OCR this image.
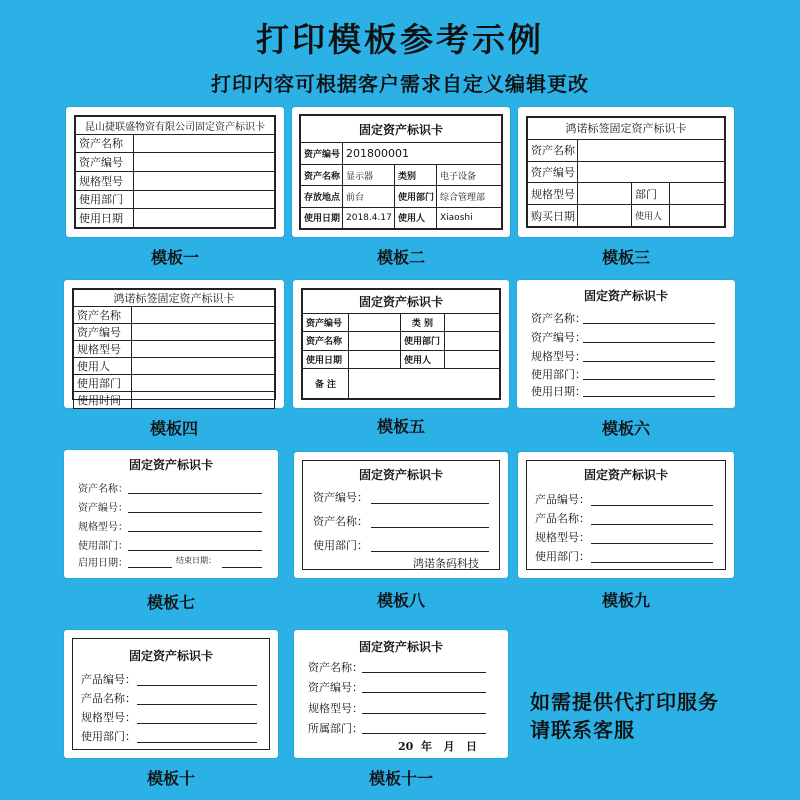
打印模板参考示例
打印内容可根据客户需求自定义编辑更改
昆山捷联盛物资有限公司固定资产标识卡	
资产名称	
资产编号	
规格型号	
使用部门	
使用日期	
模板一
固定资产标识卡			
资产编号	201800001		
资产名称	显示器	类别	电子设备
存放地点	前台	使用部门	综合管理部
使用日期	2018.4.17	使用人	Xiaoshi
模板二
鸿诺标签固定资产标识卡			
资产名称			
资产编号			
规格型号		部门	
购买日期		使用人	
模板三
鸿诺标签固定资产标识卡	
资产名称	
资产编号	
规格型号	
使用人	
使用部门	
使用时间	
模板四
固定资产标识卡			
资产编号		类 别	
资产名称		使用部门	
使用日期		使用人	
备 注			
模板五
固定资产标识卡
资产名称：
资产编号：
规格型号：
使用部门：
使用日期：
模板六
固定资产标识卡
资产名称：
资产编号：
规格型号：
使用部门：
启用日期：	结束日期：
模板七
固定资产标识卡
资产编号：
资产名称：
使用部门：
鸿诺条码科技
模板八
固定资产标识卡
产品编号：
产品名称：
规格型号：
使用部门：
模板九
固定资产标识卡
产品编号：
产品名称：
规格型号：
使用部门：
模板十
固定资产标识卡
资产名称：
资产编号：
规格型号：
所属部门：
20  年   月   日
模板十一
如需提供代打印服务
请联系客服
